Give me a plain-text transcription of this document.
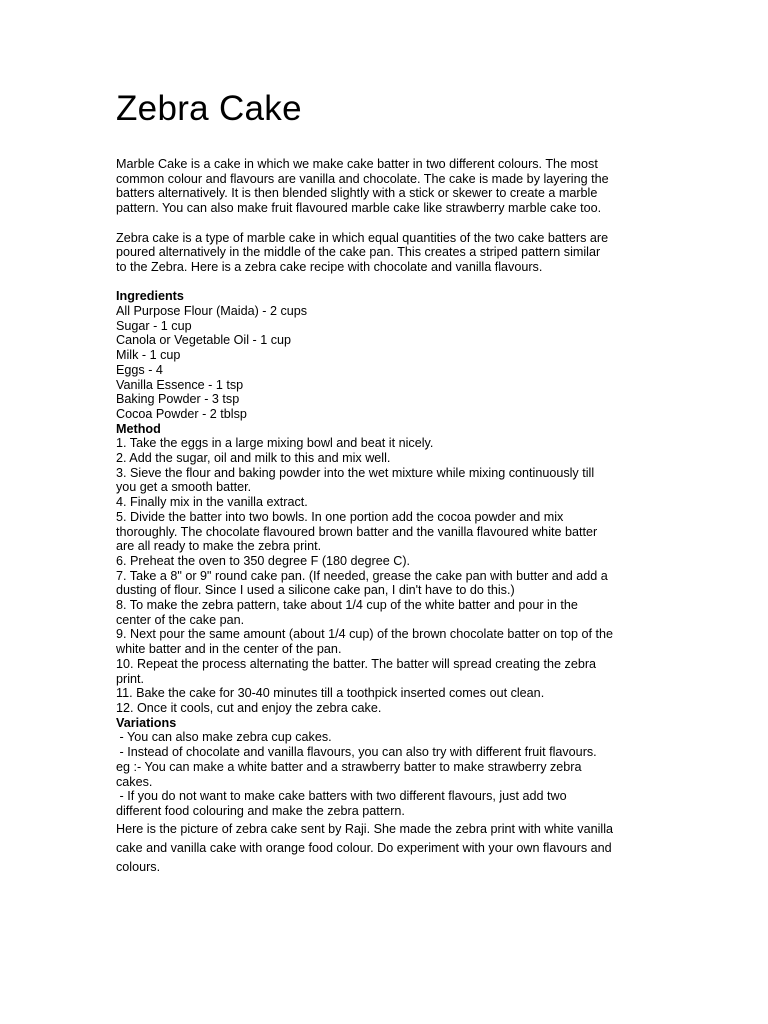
Zebra Cake

Marble Cake is a cake in which we make cake batter in two different colours. The most
common colour and flavours are vanilla and chocolate. The cake is made by layering the
batters alternatively. It is then blended slightly with a stick or skewer to create a marble
pattern. You can also make fruit flavoured marble cake like strawberry marble cake too.

Zebra cake is a type of marble cake in which equal quantities of the two cake batters are
poured alternatively in the middle of the cake pan. This creates a striped pattern similar
to the Zebra. Here is a zebra cake recipe with chocolate and vanilla flavours.

Ingredients
All Purpose Flour (Maida) - 2 cups
Sugar - 1 cup
Canola or Vegetable Oil - 1 cup
Milk - 1 cup
Eggs - 4
Vanilla Essence - 1 tsp
Baking Powder - 3 tsp
Cocoa Powder - 2 tblsp
Method
1. Take the eggs in a large mixing bowl and beat it nicely.
2. Add the sugar, oil and milk to this and mix well.
3. Sieve the flour and baking powder into the wet mixture while mixing continuously till
you get a smooth batter.
4. Finally mix in the vanilla extract.
5. Divide the batter into two bowls. In one portion add the cocoa powder and mix
thoroughly. The chocolate flavoured brown batter and the vanilla flavoured white batter
are all ready to make the zebra print.
6. Preheat the oven to 350 degree F (180 degree C).
7. Take a 8" or 9" round cake pan. (If needed, grease the cake pan with butter and add a
dusting of flour. Since I used a silicone cake pan, I din't have to do this.)
8. To make the zebra pattern, take about 1/4 cup of the white batter and pour in the
center of the cake pan.
9. Next pour the same amount (about 1/4 cup) of the brown chocolate batter on top of the
white batter and in the center of the pan.
10. Repeat the process alternating the batter. The batter will spread creating the zebra
print.
11. Bake the cake for 30-40 minutes till a toothpick inserted comes out clean.
12. Once it cools, cut and enjoy the zebra cake.
Variations
- You can also make zebra cup cakes.
- Instead of chocolate and vanilla flavours, you can also try with different fruit flavours.
eg :- You can make a white batter and a strawberry batter to make strawberry zebra
cakes.
- If you do not want to make cake batters with two different flavours, just add two
different food colouring and make the zebra pattern.
Here is the picture of zebra cake sent by Raji. She made the zebra print with white vanilla
cake and vanilla cake with orange food colour. Do experiment with your own flavours and
colours.
